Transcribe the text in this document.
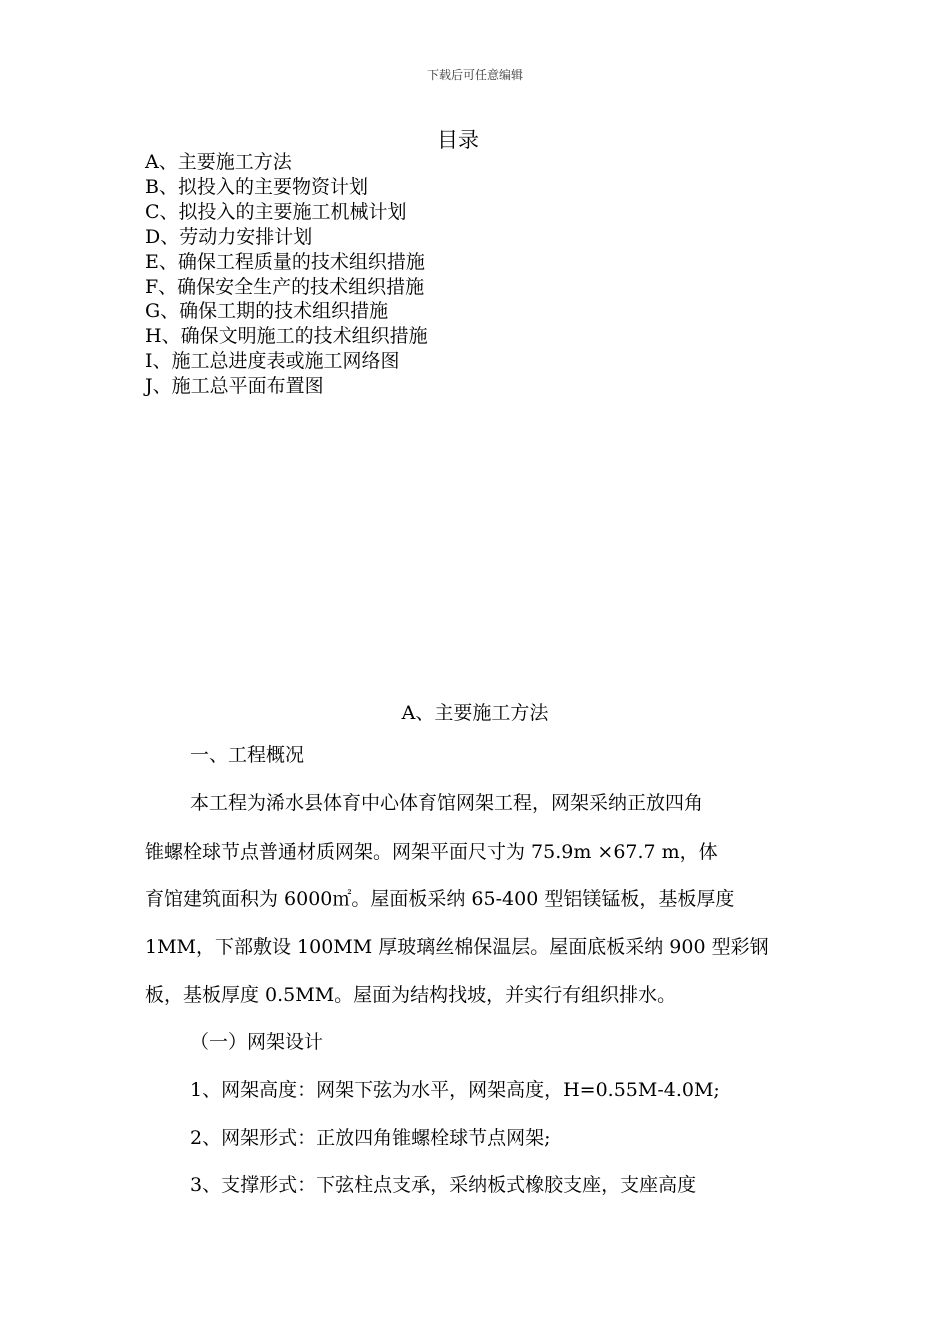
下载后可任意编辑
目录
A、主要施工方法
B、拟投入的主要物资计划
C、拟投入的主要施工机械计划
D、劳动力安排计划
E、确保工程质量的技术组织措施
F、确保安全生产的技术组织措施
G、确保工期的技术组织措施
H、确保文明施工的技术组织措施
I、施工总进度表或施工网络图
J、施工总平面布置图
A、主要施工方法
一、工程概况
本工程为浠水县体育中心体育馆网架工程，网架采纳正放四角
锥螺栓球节点普通材质网架。网架平面尺寸为 75.9m ×67.7 m，体
育馆建筑面积为 6000㎡。屋面板采纳 65-400 型铝镁锰板，基板厚度
1MM，下部敷设 100MM 厚玻璃丝棉保温层。屋面底板采纳 900 型彩钢
板，基板厚度 0.5MM。屋面为结构找坡，并实行有组织排水。
（一）网架设计
1、网架高度：网架下弦为水平，网架高度，H=0.55M-4.0M;
2、网架形式：正放四角锥螺栓球节点网架;
3、支撑形式：下弦柱点支承，采纳板式橡胶支座，支座高度
